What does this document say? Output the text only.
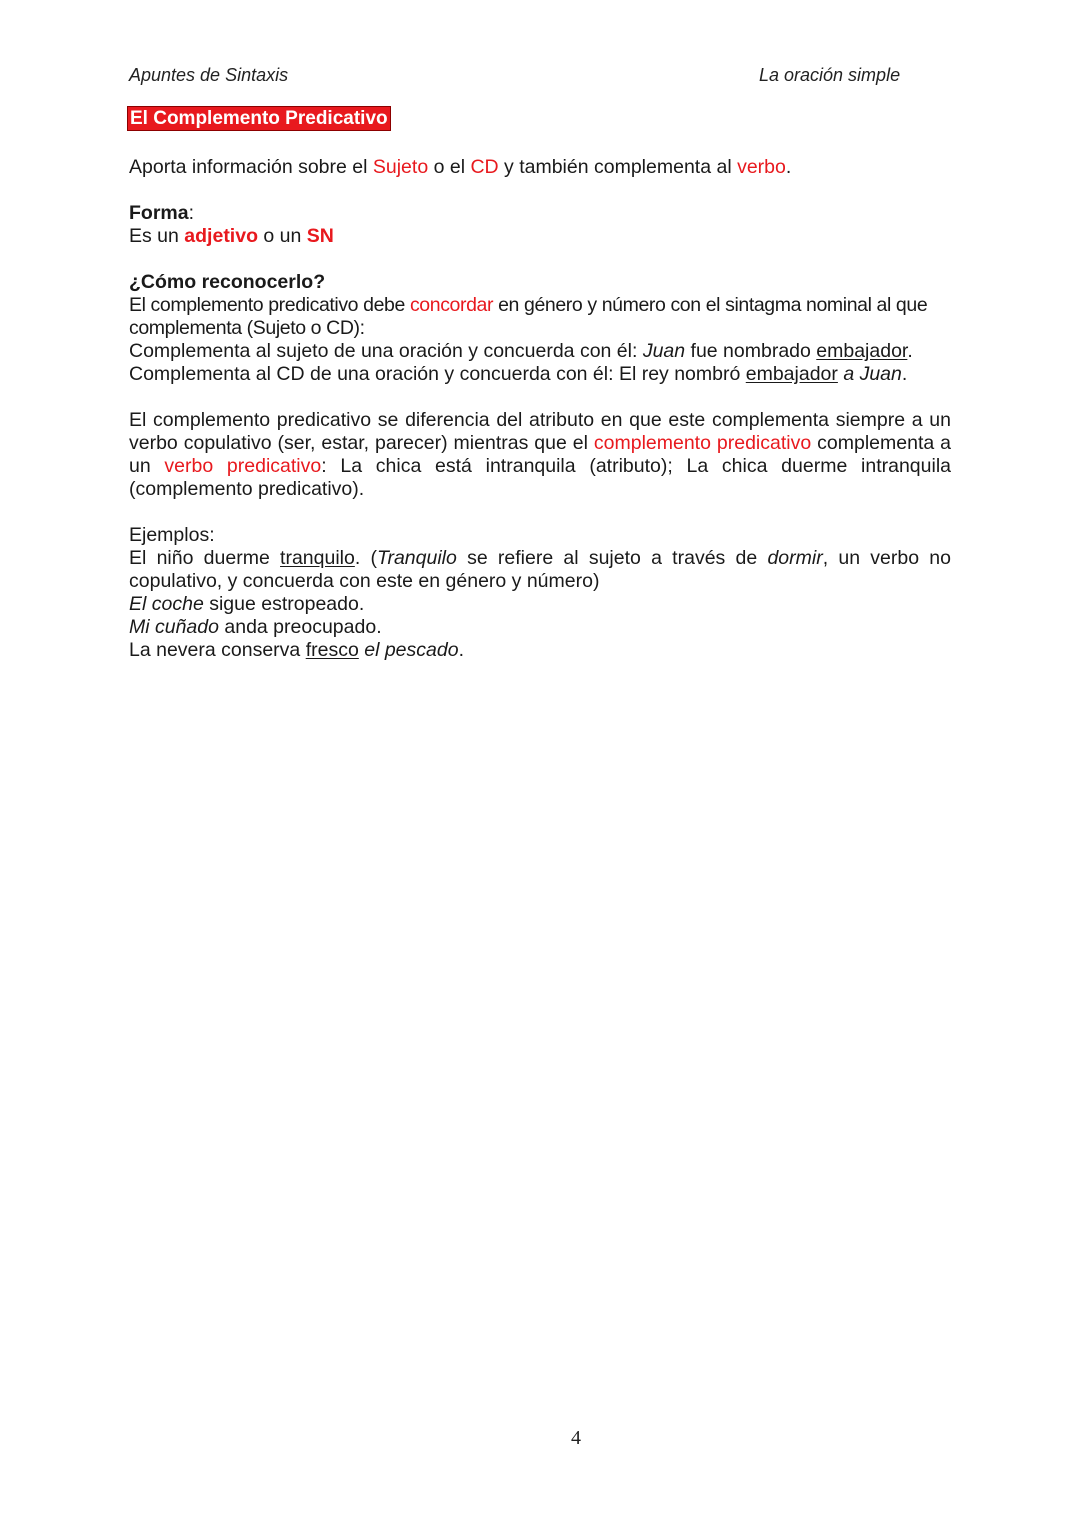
Apuntes de Sintaxis	La oración simple
El Complemento Predicativo

Aporta información sobre el Sujeto o el CD y también complementa al verbo.

Forma:

Es un adjetivo o un SN

¿Cómo reconocerlo?

El complemento predicativo debe concordar en género y número con el sintagma nominal al que complementa (Sujeto o CD):

Complementa al sujeto de una oración y concuerda con él: Juan fue nombrado embajador.

Complementa al CD de una oración y concuerda con él: El rey nombró embajador a Juan.

El complemento predicativo se diferencia del atributo en que este complementa siempre a un verbo copulativo (ser, estar, parecer) mientras que el complemento predicativo complementa a un verbo predicativo: La chica está intranquila (atributo); La chica duerme intranquila (complemento predicativo).

Ejemplos:

El niño duerme tranquilo. (Tranquilo se refiere al sujeto a través de dormir, un verbo no copulativo, y concuerda con este en género y número)

El coche sigue estropeado.

Mi cuñado anda preocupado.

La nevera conserva fresco el pescado.

4
